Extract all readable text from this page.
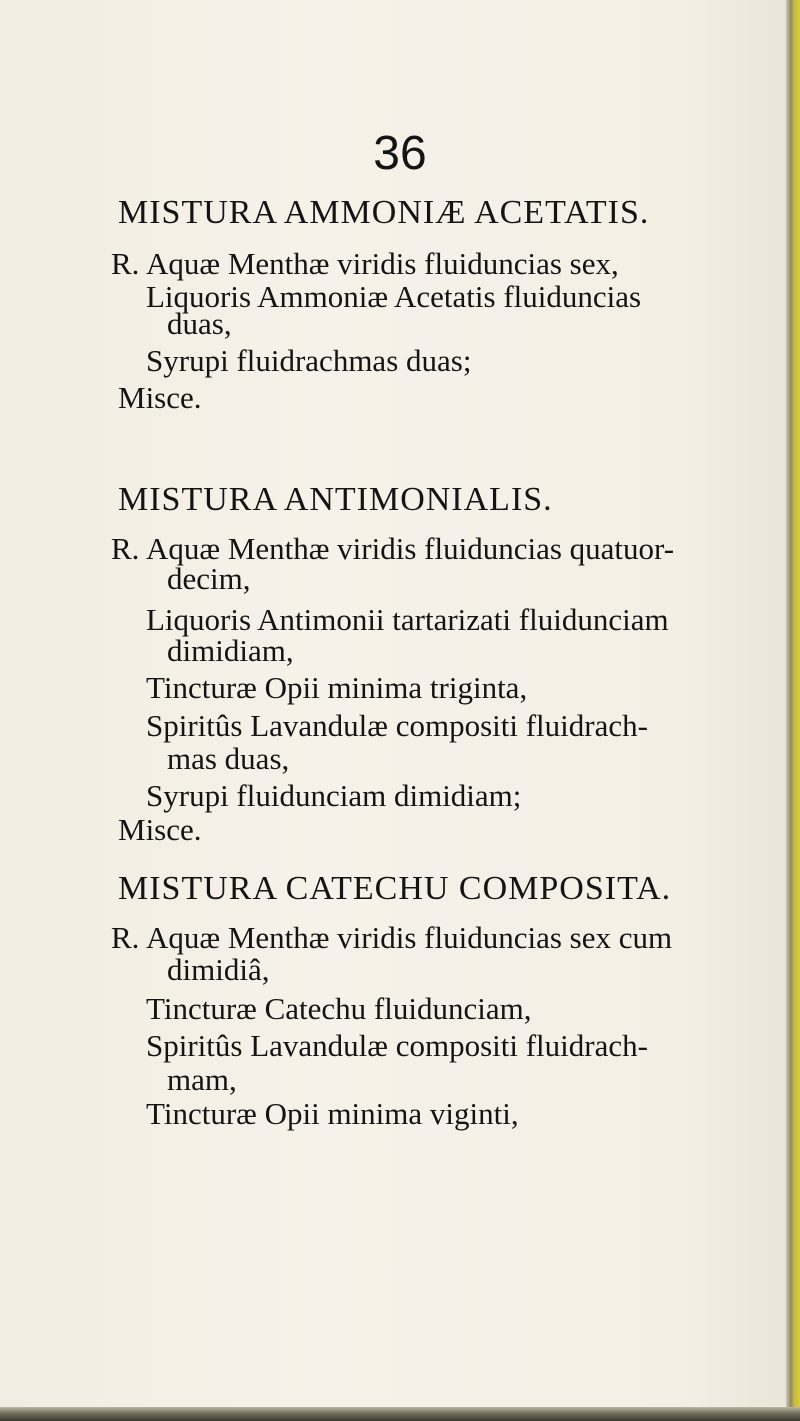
36
MISTURA AMMONIÆ ACETATIS.
R. Aquæ Menthæ viridis fluiduncias sex,
Liquoris Ammoniæ Acetatis fluiduncias
duas,
Syrupi fluidrachmas duas;
Misce.
MISTURA ANTIMONIALIS.
R. Aquæ Menthæ viridis fluiduncias quatuor-
decim,
Liquoris Antimonii tartarizati fluidunciam
dimidiam,
Tincturæ Opii minima triginta,
Spiritûs Lavandulæ compositi fluidrach-
mas duas,
Syrupi fluidunciam dimidiam;
Misce.
MISTURA CATECHU COMPOSITA.
R. Aquæ Menthæ viridis fluiduncias sex cum
dimidiâ,
Tincturæ Catechu fluidunciam,
Spiritûs Lavandulæ compositi fluidrach-
mam,
Tincturæ Opii minima viginti,
